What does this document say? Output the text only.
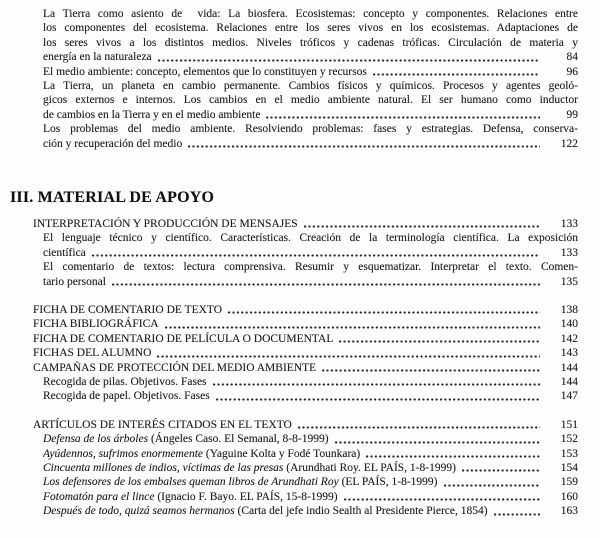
La Tierra como asiento de  vida: La biosfera. Ecosistemas: concepto y componentes. Relaciones entre
los componentes del ecosistema. Relaciones entre los seres vivos en los ecosistemas. Adaptaciones de
los seres vivos a los distintos medios. Niveles tróficos y cadenas tróficas. Circulación de materia y
energía en la naturaleza	84
El medio ambiente: concepto, elementos que lo constituyen y recursos	96
La Tierra, un planeta en cambio permanente. Cambios físicos y químicos. Procesos y agentes geoló-
gicos externos e internos. Los cambios en el medio ambiente natural. El ser humano como inductor
de cambios en la Tierra y en el medio ambiente	99
Los problemas del medio ambiente. Resolviendo problemas: fases y estrategias. Defensa, conserva-
ción y recuperación del medio	122
III. MATERIAL DE APOYO
INTERPRETACIÓN Y PRODUCCIÓN DE MENSAJES	133
El lenguaje técnico y científico. Características. Creación de la terminología científica. La exposición
científica	133
El comentario de textos: lectura comprensiva. Resumir y esquematizar. Interpretar el texto. Comen-
tario personal	135
FICHA DE COMENTARIO DE TEXTO	138
FICHA BIBLIOGRÁFICA	140
FICHA DE COMENTARIO DE PELÍCULA O DOCUMENTAL	142
FICHAS DEL ALUMNO	143
CAMPAÑAS DE PROTECCIÓN DEL MEDIO AMBIENTE	144
Recogida de pilas. Objetivos. Fases	144
Recogida de papel. Objetivos. Fases	147
ARTÍCULOS DE INTERÉS CITADOS EN EL TEXTO	151
Defensa de los árboles (Ángeles Caso. El Semanal, 8-8-1999)	152
Ayúdennos, sufrimos enormemente (Yaguine Kolta y Fodé Tounkara)	153
Cincuenta millones de indios, víctimas de las presas (Arundhati Roy. EL PAÍS, 1-8-1999)	154
Los defensores de los embalses queman libros de Arundhati Roy (EL PAÍS, 1-8-1999)	159
Fotomatón para el lince (Ignacio F. Bayo. EL PAÍS, 15-8-1999)	160
Después de todo, quizá seamos hermanos (Carta del jefe indio Sealth al Presidente Pierce, 1854)	163
